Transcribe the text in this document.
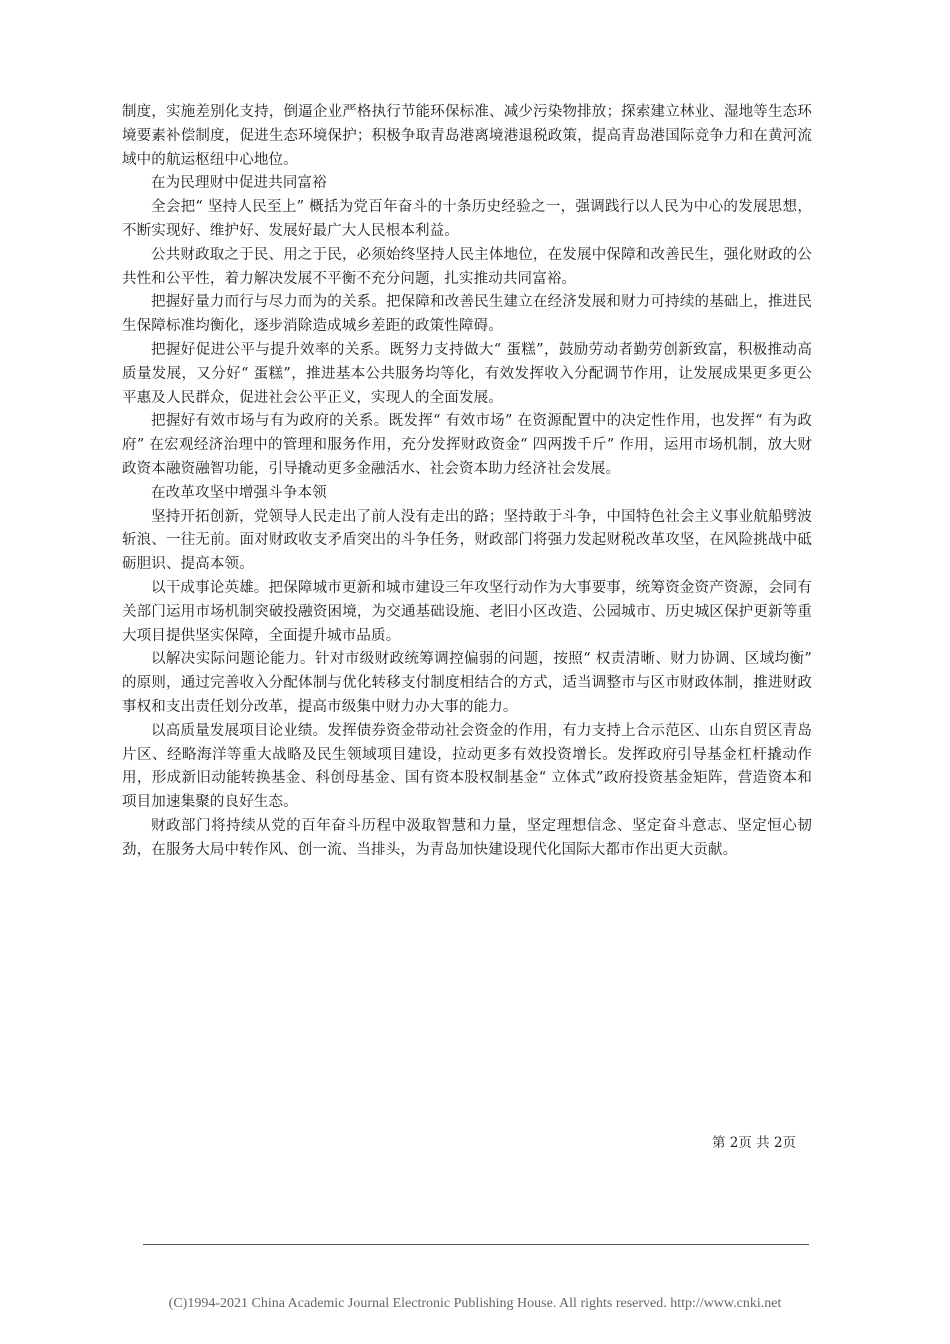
制度，实施差别化支持，倒逼企业严格执行节能环保标准、减少污染物排放；探索建立林业、湿地等生态环境要素补偿制度，促进生态环境保护；积极争取青岛港离境港退税政策，提高青岛港国际竞争力和在黄河流域中的航运枢纽中心地位。

在为民理财中促进共同富裕

全会把“ 坚持人民至上” 概括为党百年奋斗的十条历史经验之一，强调践行以人民为中心的发展思想，不断实现好、维护好、发展好最广大人民根本利益。

公共财政取之于民、用之于民，必须始终坚持人民主体地位，在发展中保障和改善民生，强化财政的公共性和公平性，着力解决发展不平衡不充分问题，扎实推动共同富裕。

把握好量力而行与尽力而为的关系。把保障和改善民生建立在经济发展和财力可持续的基础上，推进民生保障标准均衡化，逐步消除造成城乡差距的政策性障碍。

把握好促进公平与提升效率的关系。既努力支持做大“ 蛋糕”，鼓励劳动者勤劳创新致富，积极推动高质量发展，又分好“ 蛋糕”，推进基本公共服务均等化，有效发挥收入分配调节作用，让发展成果更多更公平惠及人民群众，促进社会公平正义，实现人的全面发展。

把握好有效市场与有为政府的关系。既发挥“ 有效市场” 在资源配置中的决定性作用，也发挥“ 有为政府” 在宏观经济治理中的管理和服务作用，充分发挥财政资金“ 四两拨千斤” 作用，运用市场机制，放大财政资本融资融智功能，引导撬动更多金融活水、社会资本助力经济社会发展。

在改革攻坚中增强斗争本领

坚持开拓创新，党领导人民走出了前人没有走出的路；坚持敢于斗争，中国特色社会主义事业航船劈波斩浪、一往无前。面对财政收支矛盾突出的斗争任务，财政部门将强力发起财税改革攻坚，在风险挑战中砥砺胆识、提高本领。

以干成事论英雄。把保障城市更新和城市建设三年攻坚行动作为大事要事，统筹资金资产资源，会同有关部门运用市场机制突破投融资困境，为交通基础设施、老旧小区改造、公园城市、历史城区保护更新等重大项目提供坚实保障，全面提升城市品质。

以解决实际问题论能力。针对市级财政统筹调控偏弱的问题，按照“ 权责清晰、财力协调、区域均衡” 的原则，通过完善收入分配体制与优化转移支付制度相结合的方式，适当调整市与区市财政体制，推进财政事权和支出责任划分改革，提高市级集中财力办大事的能力。

以高质量发展项目论业绩。发挥债券资金带动社会资金的作用，有力支持上合示范区、山东自贸区青岛片区、经略海洋等重大战略及民生领域项目建设，拉动更多有效投资增长。发挥政府引导基金杠杆撬动作用，形成新旧动能转换基金、科创母基金、国有资本股权制基金“ 立体式”政府投资基金矩阵，营造资本和项目加速集聚的良好生态。

财政部门将持续从党的百年奋斗历程中汲取智慧和力量，坚定理想信念、坚定奋斗意志、坚定恒心韧劲，在服务大局中转作风、创一流、当排头，为青岛加快建设现代化国际大都市作出更大贡献。

第 2页 共 2页
(C)1994-2021 China Academic Journal Electronic Publishing House. All rights reserved. http://www.cnki.net
